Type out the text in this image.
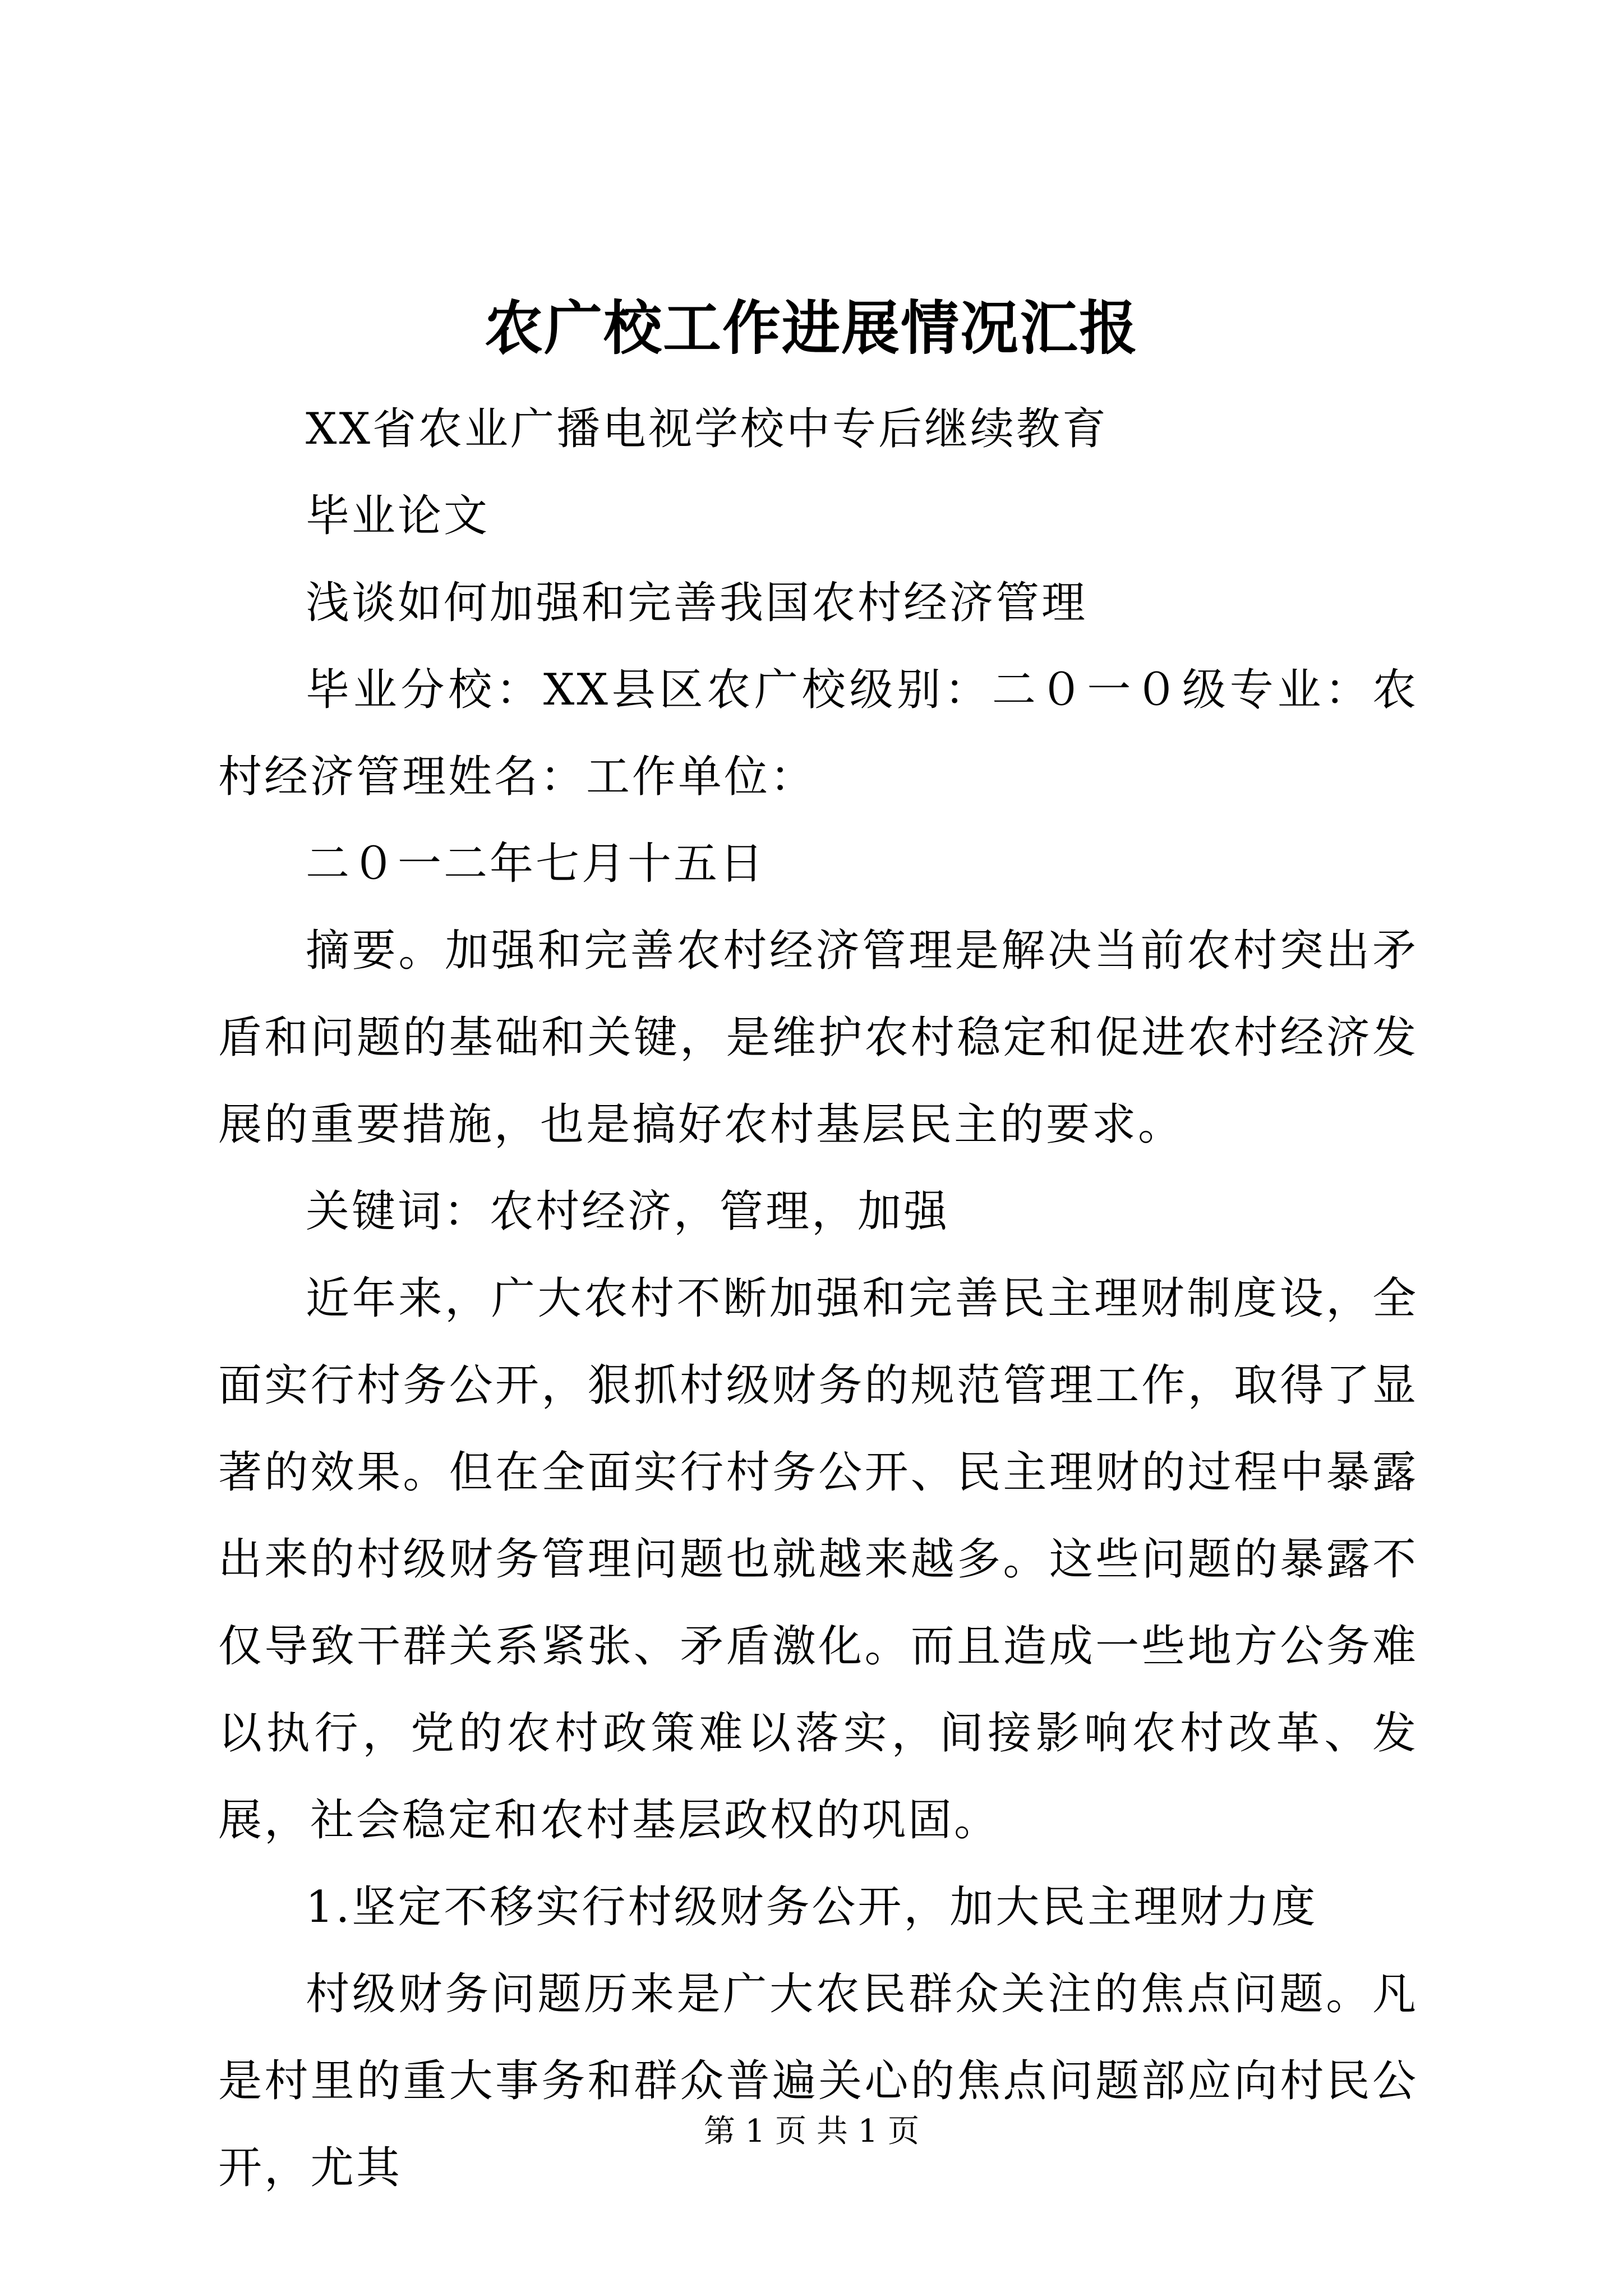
农广校工作进展情况汇报

XX省农业广播电视学校中专后继续教育

毕业论文

浅谈如何加强和完善我国农村经济管理

毕业分校：XX县区农广校级别：二０一０级专业：农村经济管理姓名：工作单位：

二０一二年七月十五日

摘要。加强和完善农村经济管理是解决当前农村突出矛盾和问题的基础和关键，是维护农村稳定和促进农村经济发展的重要措施，也是搞好农村基层民主的要求。

关键词：农村经济，管理，加强

近年来，广大农村不断加强和完善民主理财制度设，全面实行村务公开，狠抓村级财务的规范管理工作，取得了显著的效果。但在全面实行村务公开、民主理财的过程中暴露出来的村级财务管理问题也就越来越多。这些问题的暴露不仅导致干群关系紧张、矛盾激化。而且造成一些地方公务难以执行，党的农村政策难以落实，间接影响农村改革、发展，社会稳定和农村基层政权的巩固。

1.坚定不移实行村级财务公开，加大民主理财力度

村级财务问题历来是广大农民群众关注的焦点问题。凡是村里的重大事务和群众普遍关心的焦点问题部应向村民公开，尤其

第 1 页 共 1 页
